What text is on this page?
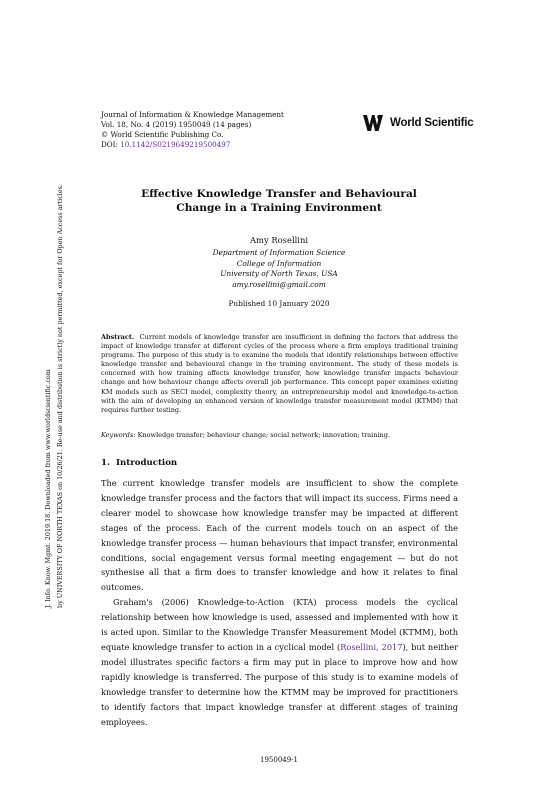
J. Info. Know. Mgmt. 2019.18. Downloaded from www.worldscientific.com by UNIVERSITY OF NORTH TEXAS on 10/26/21. Re-use and distribution is strictly not permitted, except for Open Access articles.
Journal of Information & Knowledge Management
Vol. 18, No. 4 (2019) 1950049 (14 pages)
© World Scientific Publishing Co.
DOI: 10.1142/S0219649219500497
World Scientific
Effective Knowledge Transfer and Behavioural
Change in a Training Environment
Amy Rosellini
Department of Information Science
College of Information
University of North Texas, USA
amy.rosellini@gmail.com
Published 10 January 2020
Abstract. Current models of knowledge transfer are insufficient in defining the factors that address the impact of knowledge transfer at different cycles of the process where a firm employs traditional training programs. The purpose of this study is to examine the models that identify relationships between effective knowledge transfer and behavioural change in the training environment. The study of these models is concerned with how training affects knowledge transfer, how knowledge transfer impacts behaviour change and how behaviour change affects overall job performance. This concept paper examines existing KM models such as SECI model, complexity theory, an entrepreneurship model and knowledge-to-action with the aim of developing an enhanced version of knowledge transfer measurement model (KTMM) that requires further testing.
Keywords: Knowledge transfer; behaviour change; social network; innovation; training.
1. Introduction

The current knowledge transfer models are insufficient to show the complete knowledge transfer process and the factors that will impact its success. Firms need a clearer model to showcase how knowledge transfer may be impacted at different stages of the process. Each of the current models touch on an aspect of the knowledge transfer process — human behaviours that impact transfer, environmental conditions, social engagement versus formal meeting engagement — but do not synthesise all that a firm does to transfer knowledge and how it relates to final outcomes.

Graham's (2006) Knowledge-to-Action (KTA) process models the cyclical relationship between how knowledge is used, assessed and implemented with how it is acted upon. Similar to the Knowledge Transfer Measurement Model (KTMM), both equate knowledge transfer to action in a cyclical model (Rosellini, 2017), but neither model illustrates specific factors a firm may put in place to improve how and how rapidly knowledge is transferred. The purpose of this study is to examine models of knowledge transfer to determine how the KTMM may be improved for practitioners to identify factors that impact knowledge transfer at different stages of training employees.

1950049-1
